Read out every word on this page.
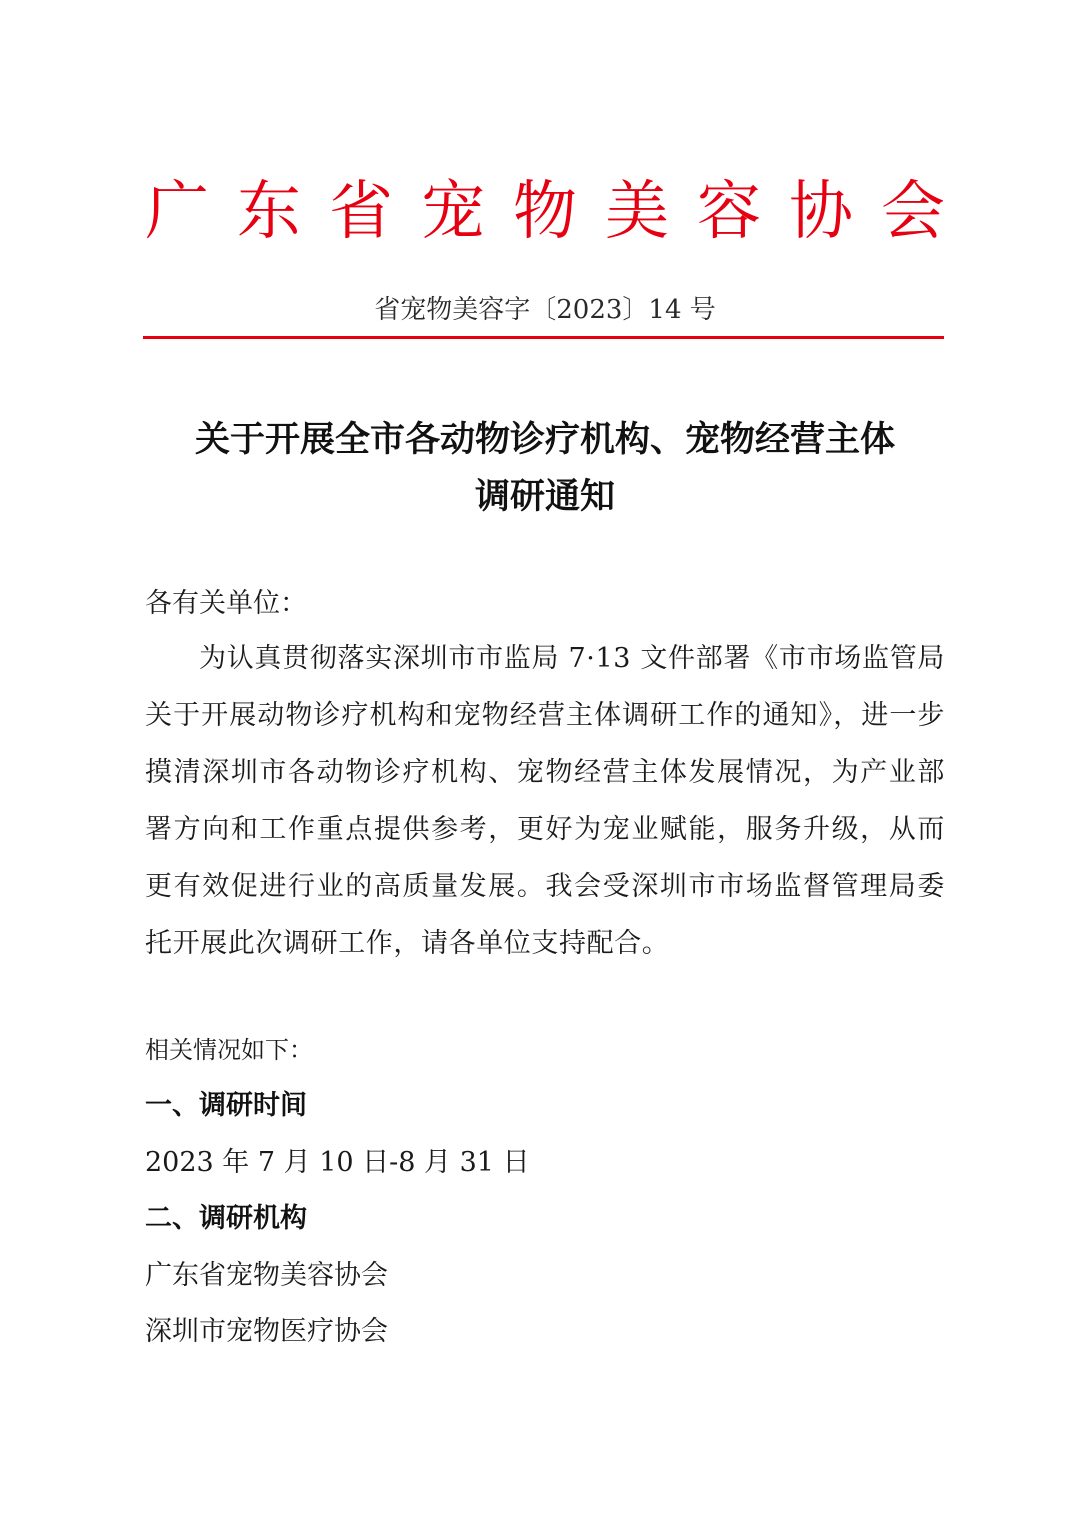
广 东 省 宠 物 美 容 协 会
省宠物美容字〔2023〕14 号
关于开展全市各动物诊疗机构、宠物经营主体
调研通知
各有关单位：
为认真贯彻落实深圳市市监局 7·13 文件部署《市市场监管局关于开展动物诊疗机构和宠物经营主体调研工作的通知》，进一步摸清深圳市各动物诊疗机构、宠物经营主体发展情况，为产业部署方向和工作重点提供参考，更好为宠业赋能，服务升级，从而更有效促进行业的高质量发展。我会受深圳市市场监督管理局委托开展此次调研工作，请各单位支持配合。
相关情况如下：
一、调研时间
2023 年 7 月 10 日-8 月 31 日
二、调研机构
广东省宠物美容协会
深圳市宠物医疗协会
